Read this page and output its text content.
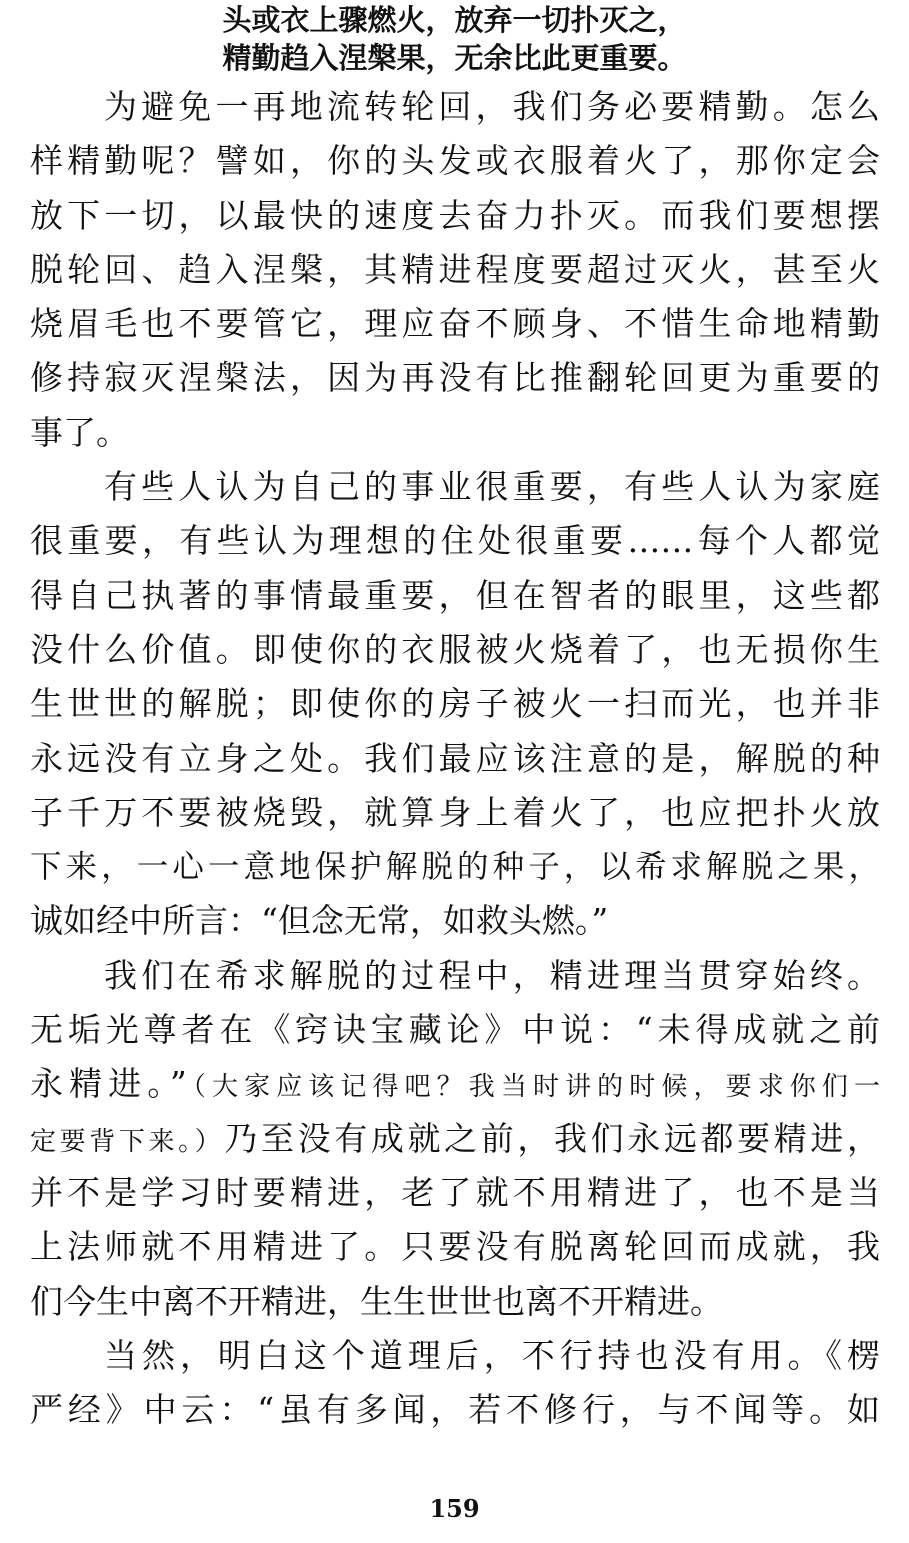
头或衣上骤燃火，放弃一切扑灭之，
精勤趋入涅槃果，无余比此更重要。
为避免一再地流转轮回，我们务必要精勤。怎么
样精勤呢？譬如，你的头发或衣服着火了，那你定会
放下一切，以最快的速度去奋力扑灭。而我们要想摆
脱轮回、趋入涅槃，其精进程度要超过灭火，甚至火
烧眉毛也不要管它，理应奋不顾身、不惜生命地精勤
修持寂灭涅槃法，因为再没有比推翻轮回更为重要的
事了。
有些人认为自己的事业很重要，有些人认为家庭
很重要，有些认为理想的住处很重要……每个人都觉
得自己执著的事情最重要，但在智者的眼里，这些都
没什么价值。即使你的衣服被火烧着了，也无损你生
生世世的解脱；即使你的房子被火一扫而光，也并非
永远没有立身之处。我们最应该注意的是，解脱的种
子千万不要被烧毁，就算身上着火了，也应把扑火放
下来，一心一意地保护解脱的种子，以希求解脱之果，
诚如经中所言：“但念无常，如救头燃。”
我们在希求解脱的过程中，精进理当贯穿始终。
无垢光尊者在《窍诀宝藏论》中说：“未得成就之前
永精进。”（大家应该记得吧？我当时讲的时候，要求你们一
定要背下来。）乃至没有成就之前，我们永远都要精进，
并不是学习时要精进，老了就不用精进了，也不是当
上法师就不用精进了。只要没有脱离轮回而成就，我
们今生中离不开精进，生生世世也离不开精进。
当然，明白这个道理后，不行持也没有用。《楞
严经》中云：“虽有多闻，若不修行，与不闻等。如
159
